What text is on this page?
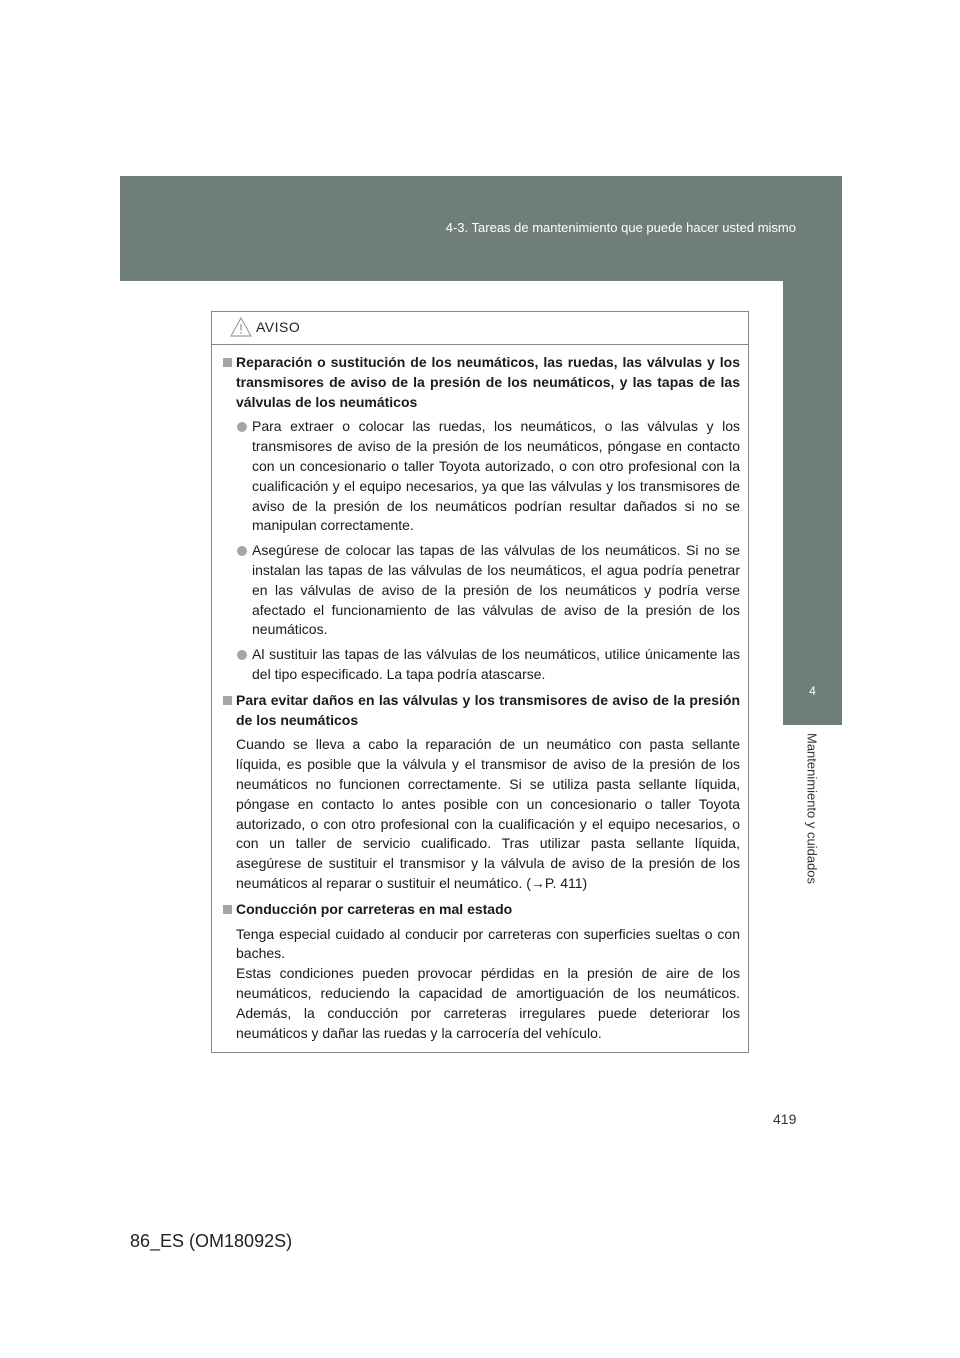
4-3. Tareas de mantenimiento que puede hacer usted mismo
4
Mantenimiento y cuidados
AVISO
Reparación o sustitución de los neumáticos, las ruedas, las válvulas y los transmisores de aviso de la presión de los neumáticos, y las tapas de las válvulas de los neumáticos
Para extraer o colocar las ruedas, los neumáticos, o las válvulas y los transmisores de aviso de la presión de los neumáticos, póngase en contacto con un concesionario o taller Toyota autorizado, o con otro profesional con la cualificación y el equipo necesarios, ya que las válvulas y los transmisores de aviso de la presión de los neumáticos podrían resultar dañados si no se manipulan correctamente.
Asegúrese de colocar las tapas de las válvulas de los neumáticos. Si no se instalan las tapas de las válvulas de los neumáticos, el agua podría penetrar en las válvulas de aviso de la presión de los neumáticos y podría verse afectado el funcionamiento de las válvulas de aviso de la presión de los neumáticos.
Al sustituir las tapas de las válvulas de los neumáticos, utilice únicamente las del tipo especificado. La tapa podría atascarse.
Para evitar daños en las válvulas y los transmisores de aviso de la presión de los neumáticos
Cuando se lleva a cabo la reparación de un neumático con pasta sellante líquida, es posible que la válvula y el transmisor de aviso de la presión de los neumáticos no funcionen correctamente. Si se utiliza pasta sellante líquida, póngase en contacto lo antes posible con un concesionario o taller Toyota autorizado, o con otro profesional con la cualificación y el equipo necesarios, o con un taller de servicio cualificado. Tras utilizar pasta sellante líquida, asegúrese de sustituir el transmisor y la válvula de aviso de la presión de los neumáticos al reparar o sustituir el neumático. (→P. 411)
Conducción por carreteras en mal estado
Tenga especial cuidado al conducir por carreteras con superficies sueltas o con baches.
Estas condiciones pueden provocar pérdidas en la presión de aire de los neumáticos, reduciendo la capacidad de amortiguación de los neumáticos. Además, la conducción por carreteras irregulares puede deteriorar los neumáticos y dañar las ruedas y la carrocería del vehículo.
419
86_ES (OM18092S)
